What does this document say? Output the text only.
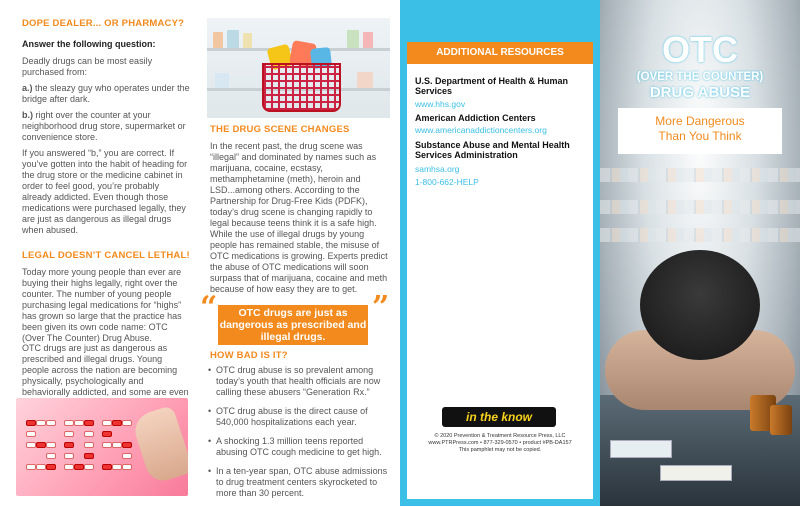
DOPE DEALER... OR PHARMACY?
Answer the following question:
Deadly drugs can be most easily purchased from:
a.) the sleazy guy who operates under the bridge after dark.
b.) right over the counter at your neighborhood drug store, supermarket or convenience store.
If you answered “b,” you are correct. If you’ve gotten into the habit of heading for the drug store or the medicine cabinet in order to feel good, you’re probably already addicted. Even though those medications were purchased legally, they are just as dangerous as illegal drugs when abused.
LEGAL DOESN’T CANCEL LETHAL!
Today more young people than ever are buying their highs legally, right over the counter. The number of young people purchasing legal medications for “highs” has grown so large that the practice has been given its own code name: OTC (Over The Counter) Drug Abuse.
OTC drugs are just as dangerous as prescribed and illegal drugs. Young people across the nation are becoming physically, psychologically and behaviorally addicted, and some are even
THE DRUG SCENE CHANGES
In the recent past, the drug scene was “illegal” and dominated by names such as marijuana, cocaine, ecstasy, methamphetamine (meth), heroin and LSD...among others. According to the Partnership for Drug-Free Kids (PDFK), today’s drug scene is changing rapidly to legal because teens think it is a safe high. While the use of illegal drugs by young people has remained stable, the misuse of OTC medications is growing. Experts predict the abuse of OTC medications will soon surpass that of marijuana, cocaine and meth because of how easy they are to get.
“	OTC drugs are just as dangerous as prescribed and illegal drugs.
”
HOW BAD IS IT?
• OTC drug abuse is so prevalent among today’s youth that health officials are now calling these abusers “Generation Rx.”
• OTC drug abuse is the direct cause of 540,000 hospitalizations each year.
• A shocking 1.3 million teens reported abusing OTC cough medicine to get high.
• In a ten-year span, OTC abuse admissions to drug treatment centers skyrocketed to more than 30 percent.
ADDITIONAL RESOURCES
U.S. Department of Health & Human Services
www.hhs.gov
American Addiction Centers
www.americanaddictioncenters.org
Substance Abuse and Mental Health Services Administration
samhsa.org
1-800-662-HELP
in the know
© 2020 Prevention & Treatment Resource Press, LLC
www.PTRPress.com • 877-329-0570 • product #PB-DA157
This pamphlet may not be copied.
OTC
(OVER THE COUNTER)
DRUG ABUSE
More Dangerous
Than You Think
